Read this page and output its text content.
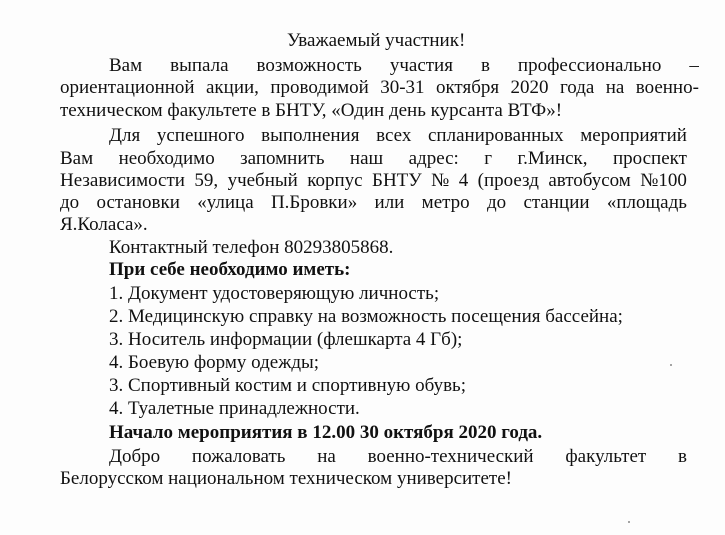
Уважаемый участник!
Вам выпала возможность участия в профессионально –
ориентационной акции, проводимой 30-31 октября 2020 года на военно-
техническом факультете в БНТУ, «Один день курсанта ВТФ»!
Для успешного выполнения всех спланированных мероприятий
Вам необходимо запомнить наш адрес: г г.Минск, проспект
Независимости 59, учебный корпус БНТУ № 4 (проезд автобусом №100
до остановки «улица П.Бровки» или метро до станции «площадь
Я.Коласа».
Контактный телефон 80293805868.
При себе необходимо иметь:
1. Документ удостоверяющую личность;
2. Медицинскую справку на возможность посещения бассейна;
3. Носитель информации (флешкарта 4 Гб);
4. Боевую форму одежды;
3. Спортивный костим и спортивную обувь;
4. Туалетные принадлежности.
Начало мероприятия в 12.00 30 октября 2020 года.
Добро пожаловать на военно-технический факультет в
Белорусском национальном техническом университете!
